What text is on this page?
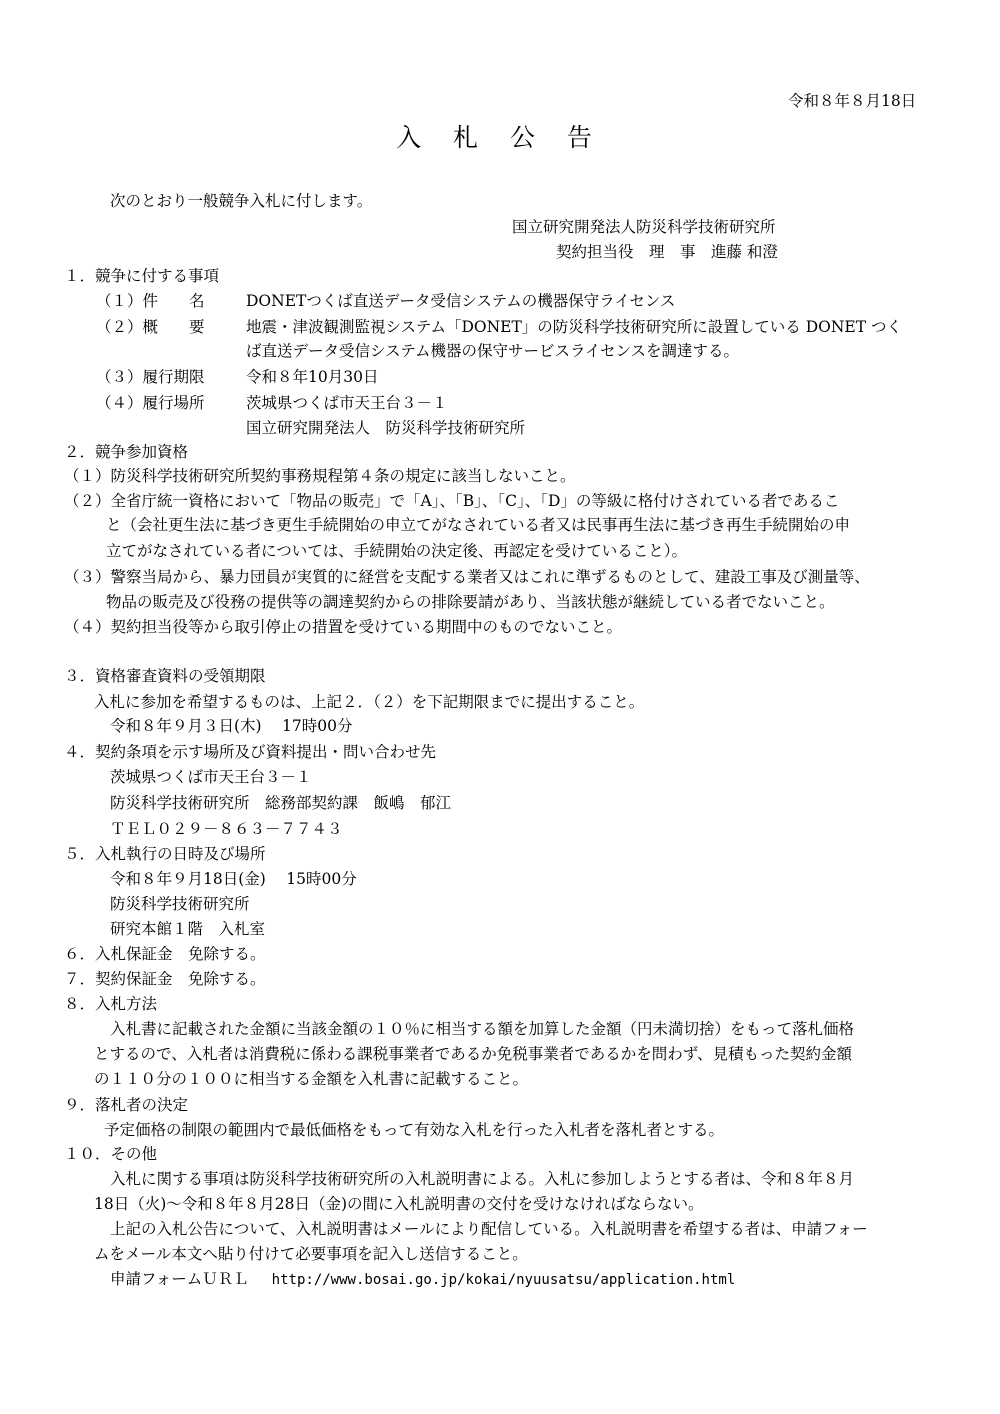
令和８年８月18日
入 札 公 告
次のとおり一般競争入札に付します。
国立研究開発法人防災科学技術研究所
契約担当役　理　事　進藤 和澄
１．競争に付する事項
（１）件　　名	DONETつくば直送データ受信システムの機器保守ライセンス
（２）概　　要	地震・津波観測監視システム「DONET」の防災科学技術研究所に設置している DONET つく
ば直送データ受信システム機器の保守サービスライセンスを調達する。
（３）履行期限	令和８年10月30日
（４）履行場所	茨城県つくば市天王台３－１
国立研究開発法人　防災科学技術研究所
２．競争参加資格
（１）防災科学技術研究所契約事務規程第４条の規定に該当しないこと。
（２）全省庁統一資格において「物品の販売」で「A」、「B」、「C」、「D」の等級に格付けされている者であるこ
と（会社更生法に基づき更生手続開始の申立てがなされている者又は民事再生法に基づき再生手続開始の申
立てがなされている者については、手続開始の決定後、再認定を受けていること）。
（３）警察当局から、暴力団員が実質的に経営を支配する業者又はこれに準ずるものとして、建設工事及び測量等、
物品の販売及び役務の提供等の調達契約からの排除要請があり、当該状態が継続している者でないこと。
（４）契約担当役等から取引停止の措置を受けている期間中のものでないこと。
３．資格審査資料の受領期限
入札に参加を希望するものは、上記２．（２）を下記期限までに提出すること。
令和８年９月３日(木)　 17時00分
４．契約条項を示す場所及び資料提出・問い合わせ先
茨城県つくば市天王台３－１
防災科学技術研究所　総務部契約課　飯嶋　郁江
ＴＥＬ０２９－８６３－７７４３
５．入札執行の日時及び場所
令和８年９月18日(金)　 15時00分
防災科学技術研究所
研究本館１階　入札室
６．入札保証金　免除する。
７．契約保証金　免除する。
８．入札方法
入札書に記載された金額に当該金額の１０％に相当する額を加算した金額（円未満切捨）をもって落札価格
とするので、入札者は消費税に係わる課税事業者であるか免税事業者であるかを問わず、見積もった契約金額
の１１０分の１００に相当する金額を入札書に記載すること。
９．落札者の決定
予定価格の制限の範囲内で最低価格をもって有効な入札を行った入札者を落札者とする。
１０．その他
入札に関する事項は防災科学技術研究所の入札説明書による。入札に参加しようとする者は、令和８年８月
18日（火)～令和８年８月28日（金)の間に入札説明書の交付を受けなければならない。
上記の入札公告について、入札説明書はメールにより配信している。入札説明書を希望する者は、申請フォー
ムをメール本文へ貼り付けて必要事項を記入し送信すること。
申請フォームＵＲＬ http://www.bosai.go.jp/kokai/nyuusatsu/application.html
